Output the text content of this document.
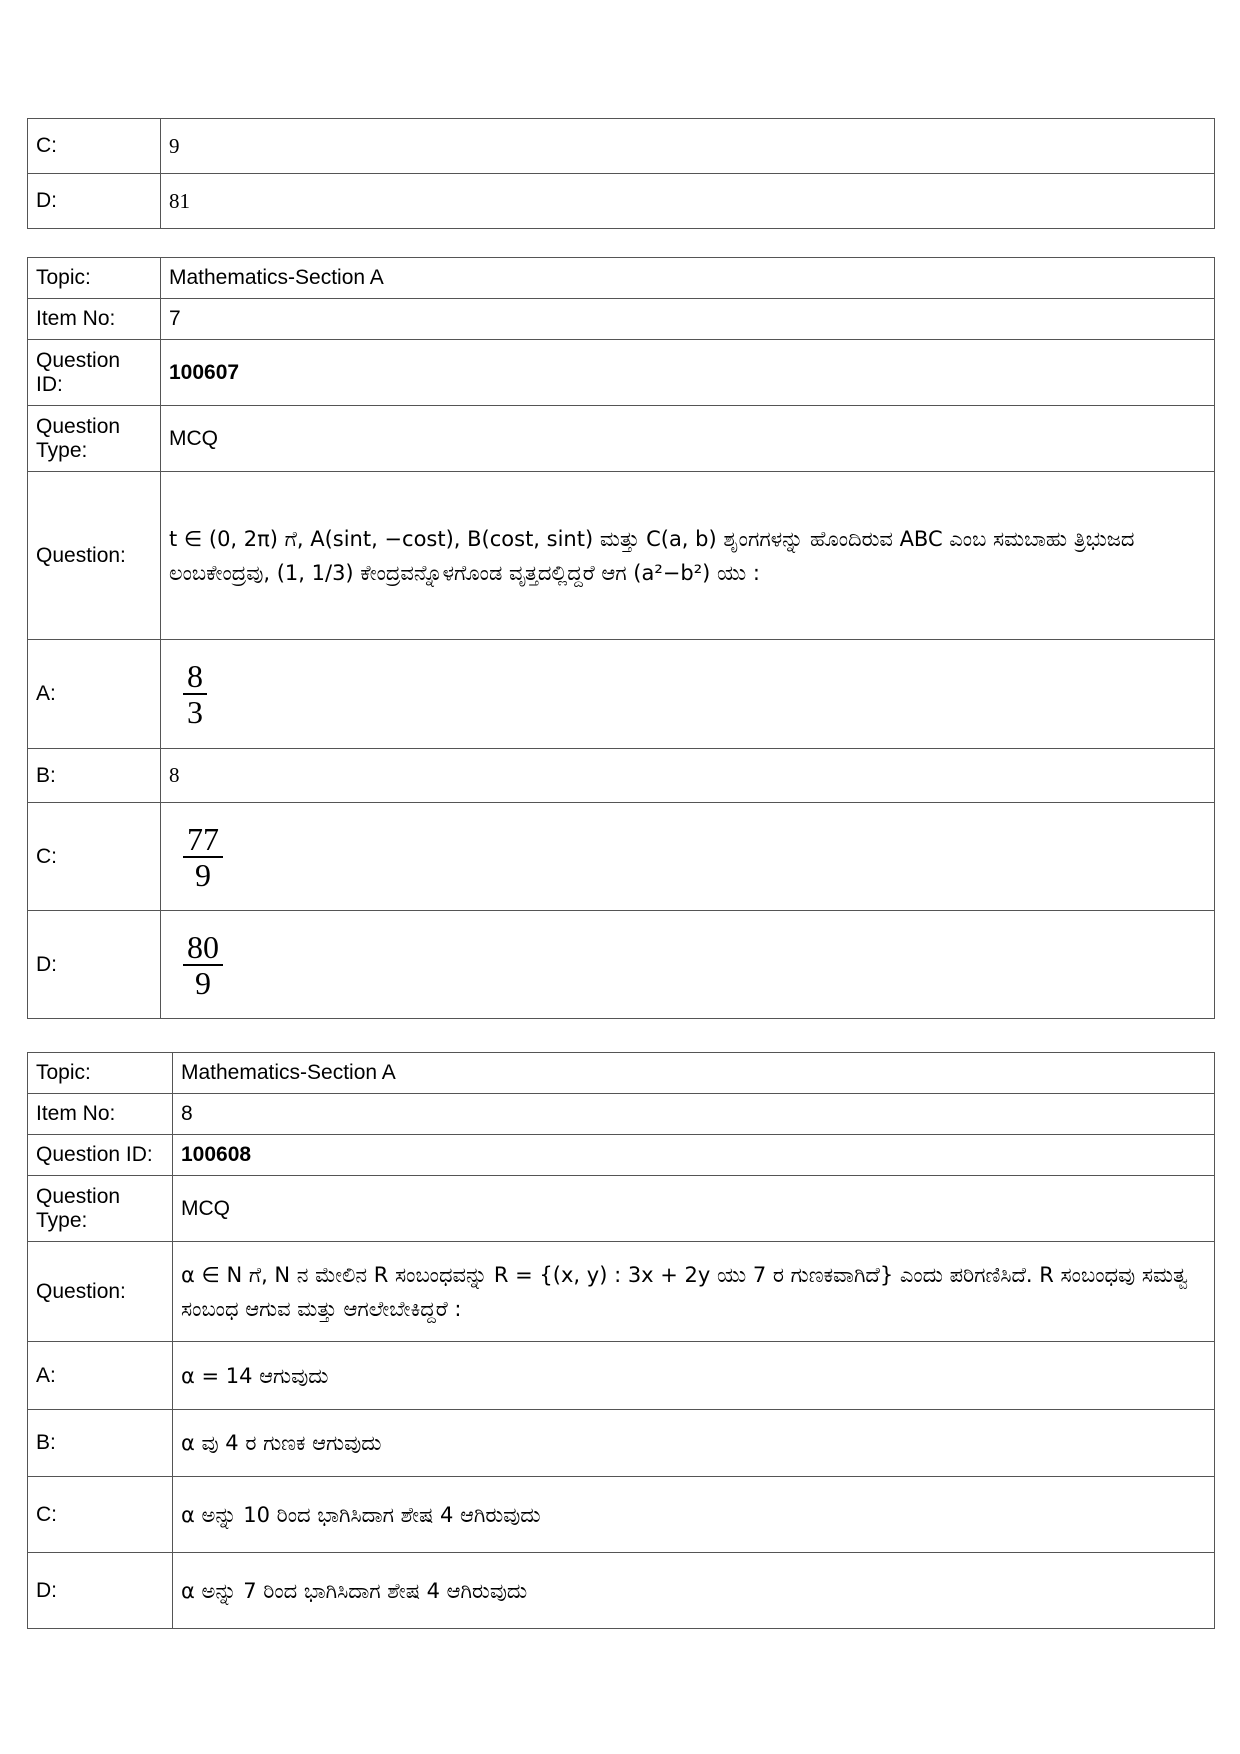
C:	9
D:	81
Topic:	Mathematics-Section A
Item No:	7
Question ID:	100607
Question Type:	MCQ
Question:	t ∈ (0, 2π) ಗೆ, A(sint, −cost), B(cost, sint) ಮತ್ತು C(a, b) ಶೃಂಗಗಳನ್ನು ಹೊಂದಿರುವ ABC ಎಂಬ ಸಮಬಾಹು ತ್ರಿಭುಜದ ಲಂಬಕೇಂದ್ರವು, (1, 1/3) ಕೇಂದ್ರವನ್ನೊಳಗೊಂಡ ವೃತ್ತದಲ್ಲಿದ್ದರೆ ಆಗ (a²−b²) ಯು :
A:	$\frac{8}{3}$

B:	8
C:	$\frac{77}{9}$

D:	$\frac{80}{9}$
Topic:	Mathematics-Section A
Item No:	8
Question ID:	100608
Question Type:	MCQ
Question:	α ∈ N ಗೆ, N ನ ಮೇಲಿನ R ಸಂಬಂಧವನ್ನು R = {(x, y) : 3x + 2y ಯು 7 ರ ಗುಣಕವಾಗಿದೆ} ಎಂದು ಪರಿಗಣಿಸಿದೆ. R ಸಂಬಂಧವು ಸಮತ್ವ ಸಂಬಂಧ ಆಗುವ ಮತ್ತು ಆಗಲೇಬೇಕಿದ್ದರೆ :
A:	α = 14 ಆಗುವುದು
B:	α ವು 4 ರ ಗುಣಕ ಆಗುವುದು
C:	α ಅನ್ನು 10 ರಿಂದ ಭಾಗಿಸಿದಾಗ ಶೇಷ 4 ಆಗಿರುವುದು
D:	α ಅನ್ನು 7 ರಿಂದ ಭಾಗಿಸಿದಾಗ ಶೇಷ 4 ಆಗಿರುವುದು
